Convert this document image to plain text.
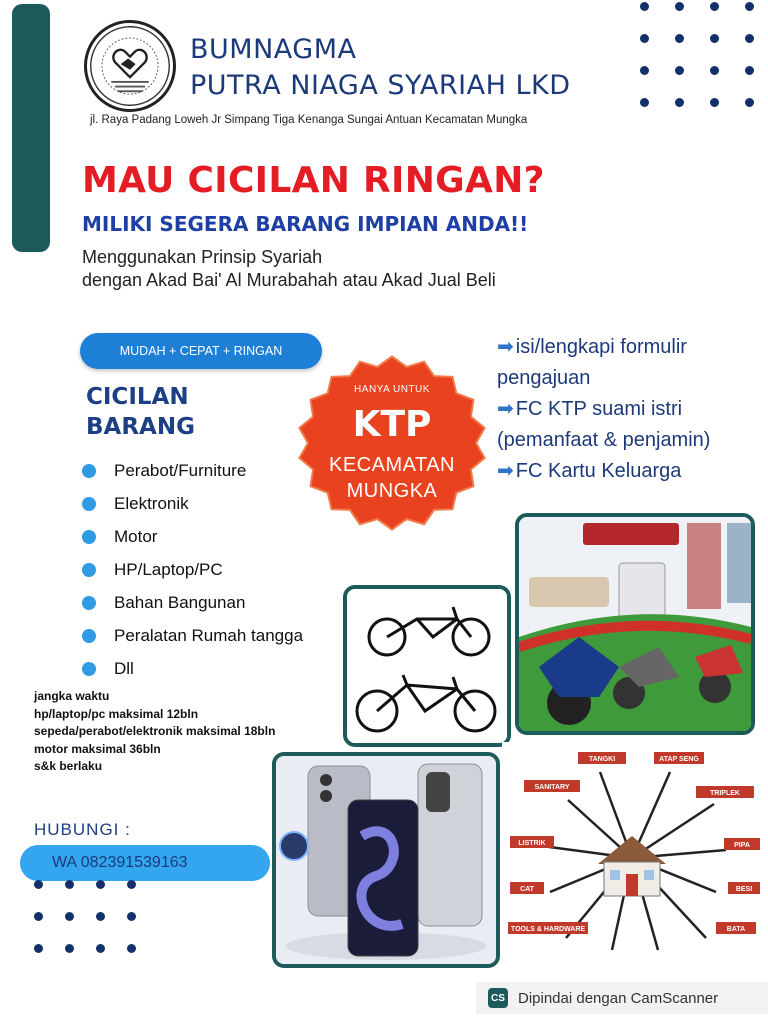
BUMNAGMA
PUTRA NIAGA SYARIAH LKD
jl. Raya Padang Loweh Jr Simpang Tiga Kenanga Sungai Antuan Kecamatan Mungka
MAU CICILAN RINGAN?
MILIKI SEGERA BARANG IMPIAN ANDA!!
Menggunakan Prinsip Syariah
dengan Akad Bai' Al Murabahah atau Akad Jual Beli
MUDAH + CEPAT + RINGAN
CICILAN
BARANG
Perabot/Furniture
Elektronik
Motor
HP/Laptop/PC
Bahan Bangunan
Peralatan Rumah tangga
Dll
jangka waktu
hp/laptop/pc maksimal 12bln
sepeda/perabot/elektronik maksimal 18bln
motor maksimal 36bln
s&k berlaku
HANYA UNTUK
KTP
KECAMATAN
MUNGKA
➡ isi/lengkapi formulir pengajuan
➡ FC KTP suami istri (pemanfaat & penjamin)
➡ FC Kartu Keluarga
TANGKI	ATAP SENG
SANITARY
TRIPLEK
LISTRIK	PIPA
CAT	BESI
TOOLS & HARDWARE	BATA
HUBUNGI :
WA 082391539163
CS Dipindai dengan CamScanner
